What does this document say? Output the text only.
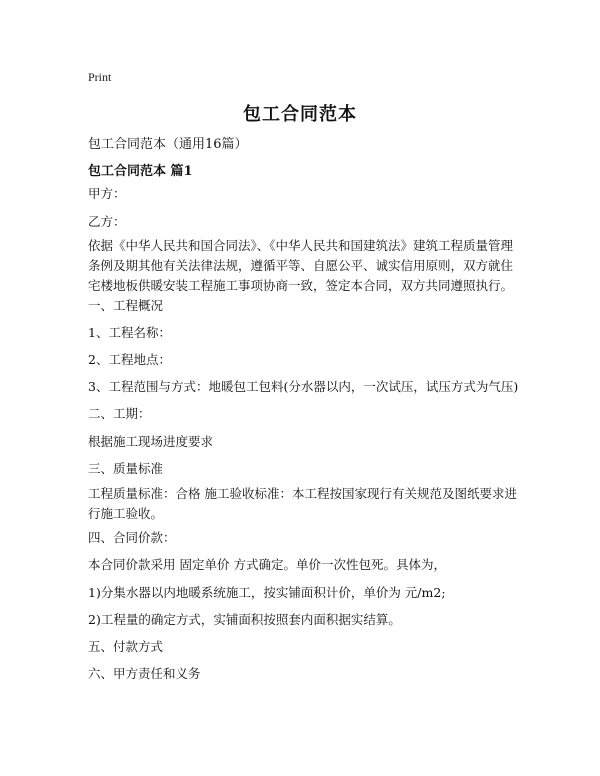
Print
包工合同范本
包工合同范本（通用16篇）
包工合同范本 篇1
甲方：
乙方：
依据《中华人民共和国合同法》、《中华人民共和国建筑法》建筑工程质量管理条例及期其他有关法律法规，遵循平等、自愿公平、诚实信用原则，双方就住宅楼地板供暖安装工程施工事项协商一致，签定本合同，双方共同遵照执行。
一、工程概况
1、工程名称：
2、工程地点：
3、工程范围与方式：地暖包工包料(分水器以内，一次试压，试压方式为气压)
二、工期：
根据施工现场进度要求
三、质量标准
工程质量标准：合格 施工验收标准：本工程按国家现行有关规范及图纸要求进行施工验收。
四、合同价款：
本合同价款采用 固定单价 方式确定。单价一次性包死。具体为，
1)分集水器以内地暖系统施工，按实铺面积计价，单价为 元/m2;
2)工程量的确定方式，实铺面积按照套内面积据实结算。
五、付款方式
六、甲方责任和义务
